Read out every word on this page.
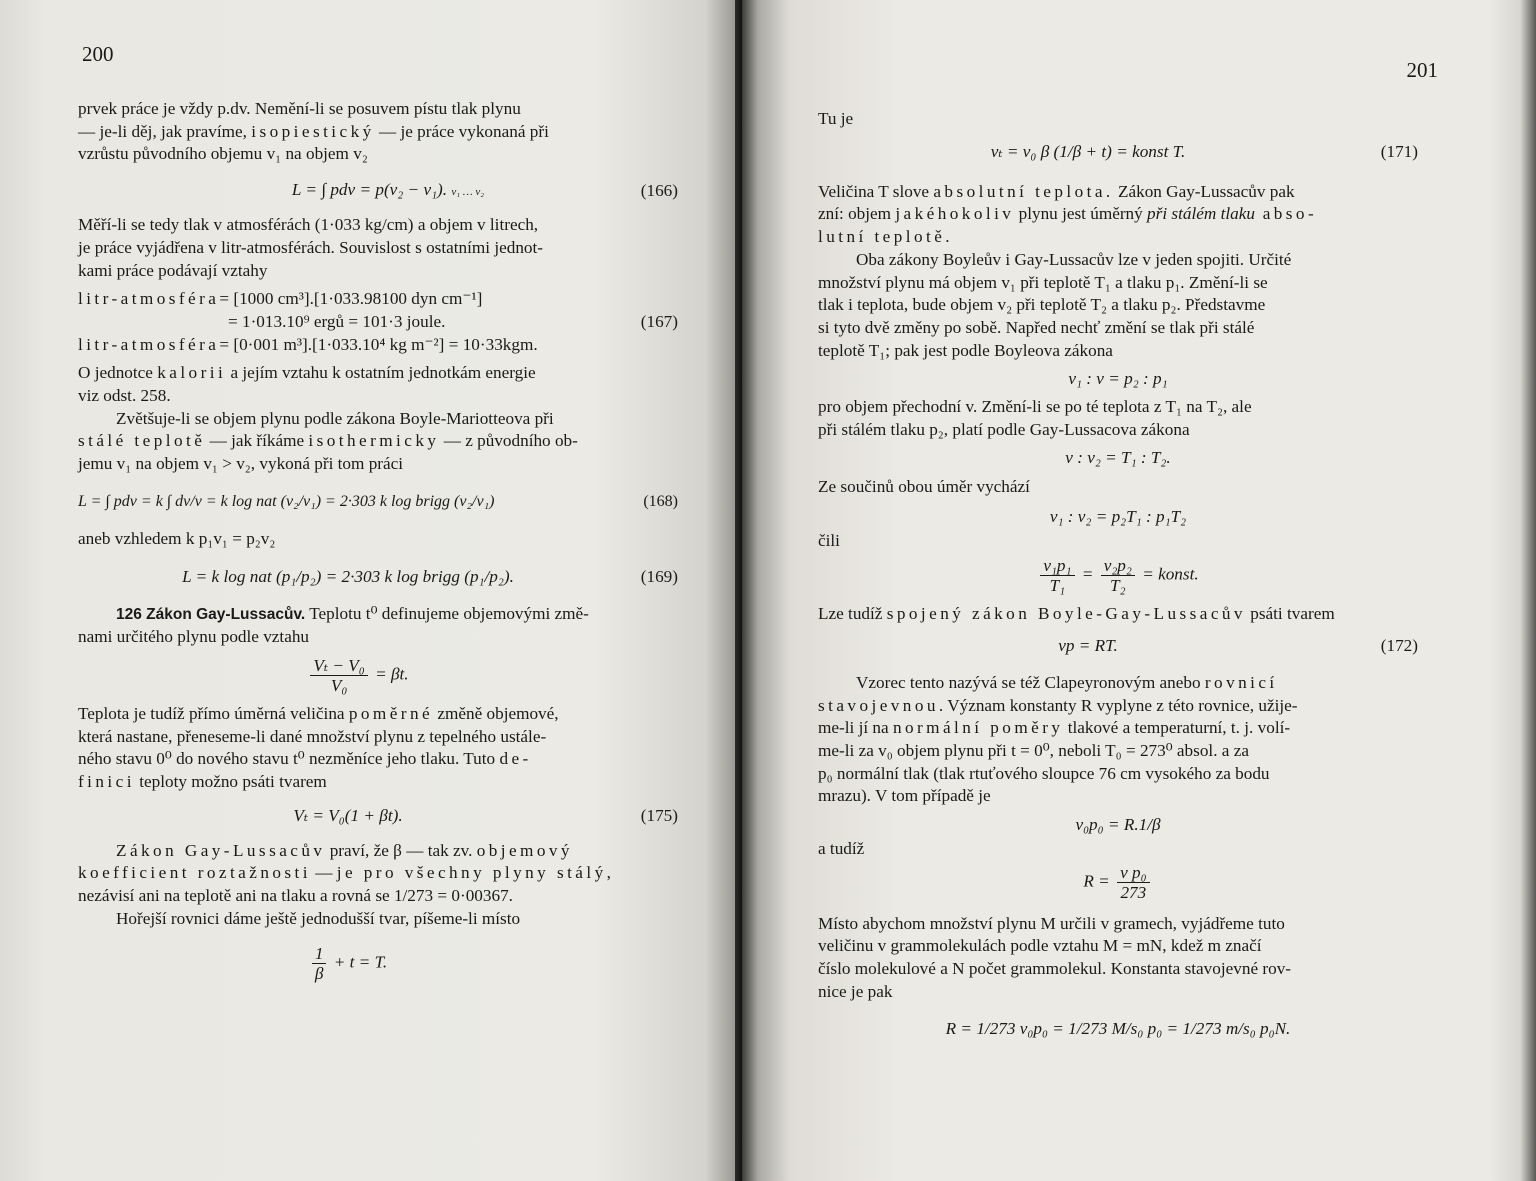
200

prvek práce je vždy p.dv. Nemění-li se posuvem pístu tlak plynu

— je-li děj, jak pravíme, isopiestický — je práce vykonaná při

vzrůstu původního objemu v₁ na objem v₂

L = ∫ pdv = p(v₂ − v₁). v₁ … v₂	(166)

Měří-li se tedy tlak v atmosférách (1·033 kg/cm) a objem v litrech,

je práce vyjádřena v litr-atmosférách. Souvislost s ostatními jednot-

kami práce podávají vztahy

litr-atmosféra= [1000 cm³].[1·033.98100 dyn cm⁻¹]
= 1·013.10⁹ ergů = 101·3 joule.	(167)
litr-atmosféra= [0·001 m³].[1·033.10⁴ kg m⁻²] = 10·33kgm.

O jednotce kalorii a jejím vztahu k ostatním jednotkám energie

viz odst. 258.

Zvětšuje-li se objem plynu podle zákona Boyle-Mariotteova při

stálé teplotě — jak říkáme isothermicky — z původního ob-

jemu v₁ na objem v₁ > v₂, vykoná při tom práci

L = ∫ pdv = k ∫ dv/v = k log nat (v₂/v₁) = 2·303 k log brigg (v₂/v₁)	(168)

aneb vzhledem k p₁v₁ = p₂v₂

L = k log nat (p₁/p₂) = 2·303 k log brigg (p₁/p₂).	(169)

126 Zákon Gay-Lussacův. Teplotu t⁰ definujeme objemovými změ-

nami určitého plynu podle vztahu

$\frac{\text{Vₜ − V₀}}{\text{V₀}} = \beta t$.

Teplota je tudíž přímo úměrná veličina poměrné změně objemové,

která nastane, přeneseme-li dané množství plynu z tepelného ustále-

ného stavu 0⁰ do nového stavu t⁰ nezměníce jeho tlaku. Tuto de-

finici teploty možno psáti tvarem

Vₜ = V₀(1 + βt).	(175)

Zákon Gay-Lussacův praví, že β — tak zv. objemový

koefficient roztažnosti — je pro všechny plyny stálý,

nezávisí ani na teplotě ani na tlaku a rovná se 1/273 = 0·00367.

Hořejší rovnici dáme ještě jednodušší tvar, píšeme-li místo

$\frac{1}{\beta} + t = T$.
201

Tu je

vₜ = v₀ β (1/β + t) = konst T.	(171)

Veličina T slove absolutní teplota. Zákon Gay-Lussacův pak

zní: objem jakéhokoliv plynu jest úměrný při stálém tlaku abso-

lutní teplotě.

Oba zákony Boyleův i Gay-Lussacův lze v jeden spojiti. Určité

množství plynu má objem v₁ při teplotě T₁ a tlaku p₁. Změní-li se

tlak i teplota, bude objem v₂ při teplotě T₂ a tlaku p₂. Představme

si tyto dvě změny po sobě. Napřed nechť změní se tlak při stálé

teplotě T₁; pak jest podle Boyleova zákona

v₁ : v = p₂ : p₁

pro objem přechodní v. Změní-li se po té teplota z T₁ na T₂, ale

při stálém tlaku p₂, platí podle Gay-Lussacova zákona

v : v₂ = T₁ : T₂.

Ze součinů obou úměr vychází

v₁ : v₂ = p₂T₁ : p₁T₂

čili

$\frac{\text{v₁p₁}}{\text{T₁}} = \frac{\text{v₂p₂}}{\text{T₂}}$ = konst.

Lze tudíž spojený zákon Boyle-Gay-Lussacův psáti tvarem

vp = RT.	(172)

Vzorec tento nazývá se též Clapeyronovým anebo rovnicí

stavojevnou. Význam konstanty R vyplyne z této rovnice, užije-

me-li jí na normální poměry tlakové a temperaturní, t. j. volí-

me-li za v₀ objem plynu při t = 0⁰, neboli T₀ = 273⁰ absol. a za

p₀ normální tlak (tlak rtuťového sloupce 76 cm vysokého za bodu

mrazu). V tom případě je

v₀p₀ = R.1/β

a tudíž

$R = \frac{\text{v p₀}}{273}$

Místo abychom množství plynu M určili v gramech, vyjádřeme tuto

veličinu v grammolekulách podle vztahu M = mN, kdež m značí

číslo molekulové a N počet grammolekul. Konstanta stavojevné rov-

nice je pak

R = 1/273 v₀p₀ = 1/273 M/s₀ p₀ = 1/273 m/s₀ p₀N.
